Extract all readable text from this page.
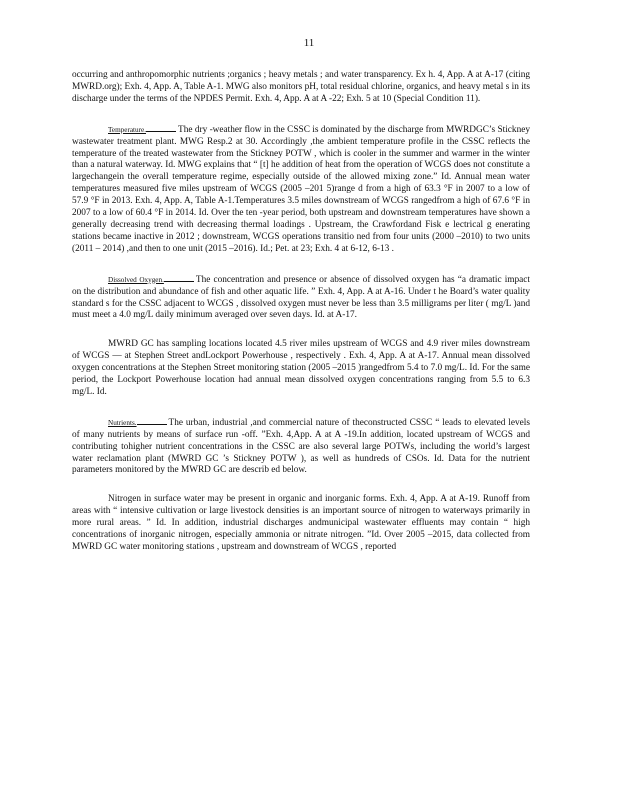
11

occurring and anthropomorphic nutrients ;organics ; heavy metals ; and water transparency. Ex h. 4, App. A at A-17 (citing MWRD.org); Exh. 4, App. A, Table A-1. MWG also monitors pH, total residual chlorine, organics, and heavy metal s in its discharge under the terms of the NPDES Permit. Exh. 4, App. A at A -22; Exh. 5 at 10 (Special Condition 11).

Temperature.	The dry -weather flow in the CSSC is dominated by the discharge from MWRDGC’s Stickney wastewater treatment plant. MWG Resp.2 at 30. Accordingly ,the ambient temperature profile in the CSSC reflects the temperature of the treated wastewater from the Stickney POTW , which is cooler in the summer and warmer in the winter than a natural waterway. Id. MWG explains that “ [t] he addition of heat from the operation of WCGS does not constitute a largechangein the overall temperature regime, especially outside of the allowed mixing zone.” Id. Annual mean water temperatures measured five miles upstream of WCGS (2005 –201 5)range d from a high of 63.3 °F in 2007 to a low of 57.9 °F in 2013. Exh. 4, App. A, Table A-1.Temperatures 3.5 miles downstream of WCGS rangedfrom a high of 67.6 °F in 2007 to a low of 60.4 °F in 2014. Id. Over the ten -year period, both upstream and downstream temperatures have shown a generally decreasing trend with decreasing thermal loadings . Upstream, the Crawfordand Fisk e lectrical g enerating stations became inactive in 2012 ; downstream, WCGS operations transitio ned from four units (2000 –2010) to two units (2011 – 2014) ,and then to one unit (2015 –2016). Id.; Pet. at 23; Exh. 4 at 6-12, 6-13 .

Dissolved Oxygen.	The concentration and presence or absence of dissolved oxygen has “a dramatic impact on the distribution and abundance of fish and other aquatic life. ” Exh. 4, App. A at A-16. Under t he Board’s water quality standard s for the CSSC adjacent to WCGS , dissolved oxygen must never be less than 3.5 milligrams per liter ( mg/L )and must meet a 4.0 mg/L daily minimum averaged over seven days. Id. at A-17.

MWRD GC has sampling locations located 4.5 river miles upstream of WCGS and 4.9 river miles downstream of WCGS — at Stephen Street andLockport Powerhouse , respectively . Exh. 4, App. A at A-17. Annual mean dissolved oxygen concentrations at the Stephen Street monitoring station (2005 –2015 )rangedfrom 5.4 to 7.0 mg/L. Id. For the same period, the Lockport Powerhouse location had annual mean dissolved oxygen concentrations ranging from 5.5 to 6.3 mg/L. Id.

Nutrients.	The urban, industrial ,and commercial nature of theconstructed CSSC “ leads to elevated levels of many nutrients by means of surface run -off. ”Exh. 4,App. A at A -19.In addition, located upstream of WCGS and contributing tohigher nutrient concentrations in the CSSC are also several large POTWs, including the world’s largest water reclamation plant (MWRD GC ’s Stickney POTW ), as well as hundreds of CSOs. Id. Data for the nutrient parameters monitored by the MWRD GC are describ ed below.

Nitrogen in surface water may be present in organic and inorganic forms. Exh. 4, App. A at A-19. Runoff from areas with “ intensive cultivation or large livestock densities is an important source of nitrogen to waterways primarily in more rural areas. ” Id. In addition, industrial discharges andmunicipal wastewater effluents may contain “ high concentrations of inorganic nitrogen, especially ammonia or nitrate nitrogen. ”Id. Over 2005 –2015, data collected from MWRD GC water monitoring stations , upstream and downstream of WCGS , reported
